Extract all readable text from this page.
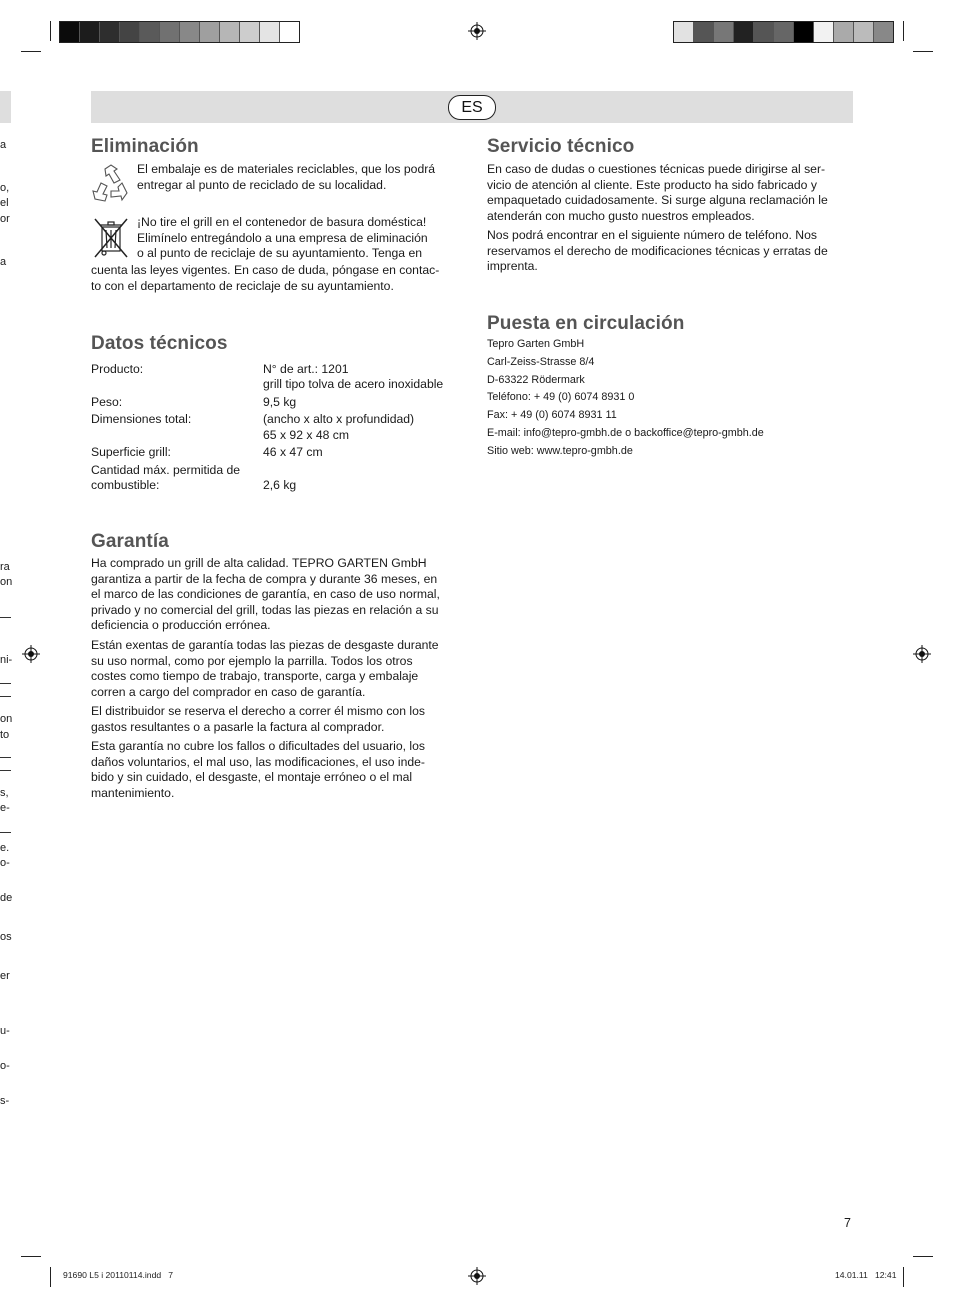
a
o,
el
or
a
ra
on
ni-
on
to
s,
e-
e.
o-
de
os
er
u-
o-
s-
ES
Eliminación

El embalaje es de materiales reciclables, que los podrá
entregar al punto de reciclado de su localidad.

¡No tire el grill en el contenedor de basura doméstica!
Elimínelo entregándolo a una empresa de eliminación
o al punto de reciclaje de su ayuntamiento. Tenga en

cuenta las leyes vigentes. En caso de duda, póngase en contac-
to con el departamento de reciclaje de su ayuntamiento.

Datos técnicos
Producto:	N° de art.: 1201
grill tipo tolva de acero inoxidable
Peso:	9,5 kg
Dimensiones total:	(ancho x alto x profundidad)
65 x 92 x 48 cm
Superficie grill:	46 x 47 cm
Cantidad máx. permitida de
combustible:	2,6 kg
Garantía

Ha comprado un grill de alta calidad. TEPRO GARTEN GmbH
garantiza a partir de la fecha de compra y durante 36 meses, en
el marco de las condiciones de garantía, en caso de uso normal,
privado y no comercial del grill, todas las piezas en relación a su
deficiencia o producción errónea.

Están exentas de garantía todas las piezas de desgaste durante
su uso normal, como por ejemplo la parrilla. Todos los otros
costes como tiempo de trabajo, transporte, carga y embalaje
corren a cargo del comprador en caso de garantía.

El distribuidor se reserva el derecho a correr él mismo con los
gastos resultantes o a pasarle la factura al comprador.

Esta garantía no cubre los fallos o dificultades del usuario, los
daños voluntarios, el mal uso, las modificaciones, el uso inde-
bido y sin cuidado, el desgaste, el montaje erróneo o el mal
mantenimiento.

Servicio técnico

En caso de dudas o cuestiones técnicas puede dirigirse al ser-
vicio de atención al cliente. Este producto ha sido fabricado y
empaquetado cuidadosamente. Si surge alguna reclamación le
atenderán con mucho gusto nuestros empleados.

Nos podrá encontrar en el siguiente número de teléfono. Nos
reservamos el derecho de modificaciones técnicas y erratas de
imprenta.

Puesta en circulación
Tepro Garten GmbH
Carl-Zeiss-Strasse 8/4
D-63322 Rödermark
Teléfono: + 49 (0) 6074 8931 0
Fax: + 49 (0) 6074 8931 11
E-mail: info@tepro-gmbh.de o backoffice@tepro-gmbh.de
Sitio web: www.tepro-gmbh.de
7
91690 L5 i 20110114.indd   7	14.01.11   12:41
